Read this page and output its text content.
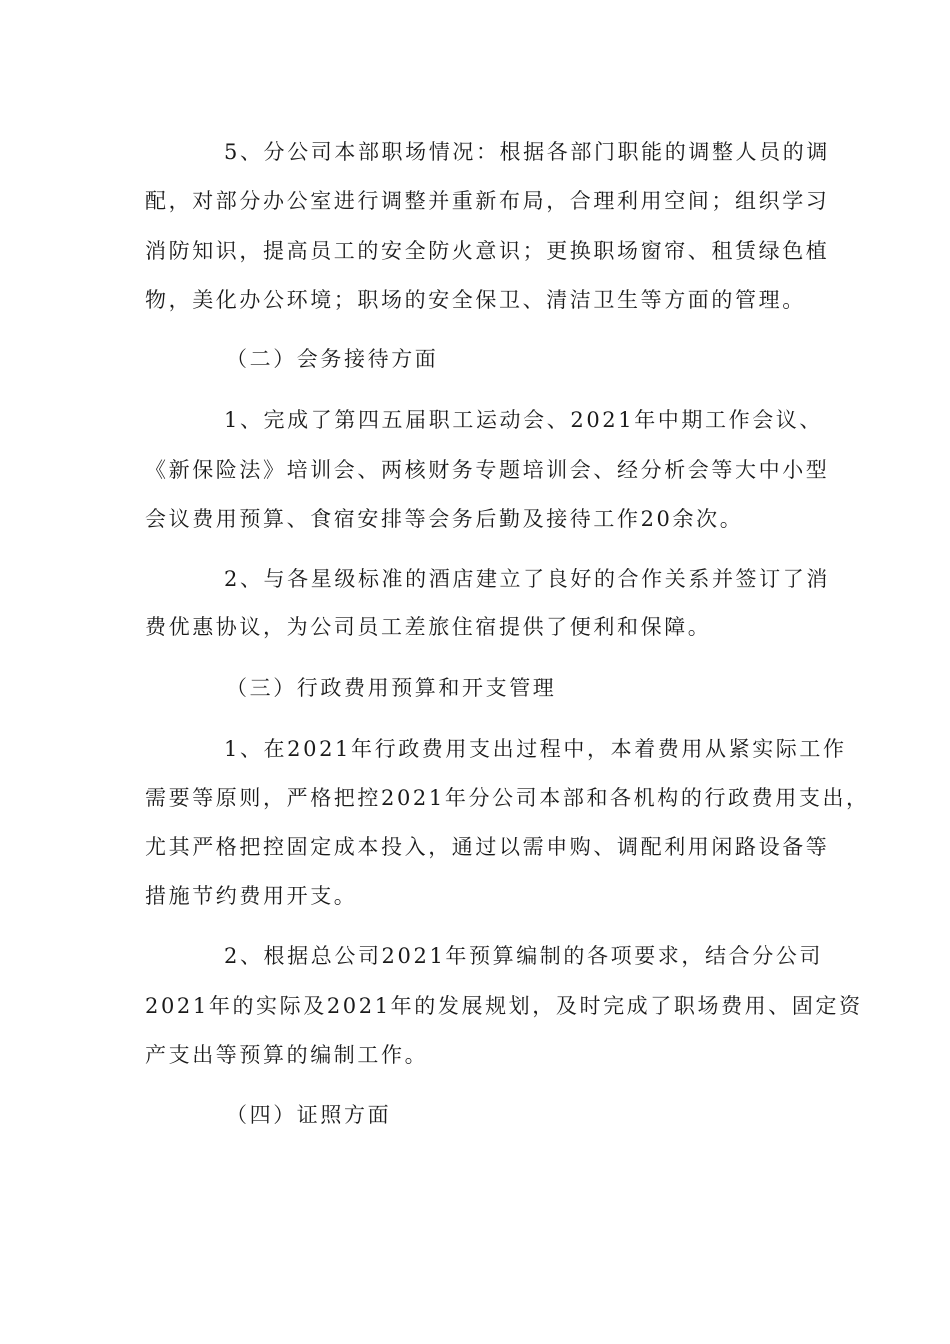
5、分公司本部职场情况：根据各部门职能的调整人员的调
配，对部分办公室进行调整并重新布局，合理利用空间；组织学习
消防知识，提高员工的安全防火意识；更换职场窗帘、租赁绿色植
物，美化办公环境；职场的安全保卫、清洁卫生等方面的管理。
（二）会务接待方面
1、完成了第四五届职工运动会、2021年中期工作会议、
《新保险法》培训会、两核财务专题培训会、经分析会等大中小型
会议费用预算、食宿安排等会务后勤及接待工作20余次。
2、与各星级标准的酒店建立了良好的合作关系并签订了消
费优惠协议，为公司员工差旅住宿提供了便利和保障。
（三）行政费用预算和开支管理
1、在2021年行政费用支出过程中，本着费用从紧实际工作
需要等原则，严格把控2021年分公司本部和各机构的行政费用支出，
尤其严格把控固定成本投入，通过以需申购、调配利用闲路设备等
措施节约费用开支。
2、根据总公司2021年预算编制的各项要求，结合分公司
2021年的实际及2021年的发展规划，及时完成了职场费用、固定资
产支出等预算的编制工作。
（四）证照方面
